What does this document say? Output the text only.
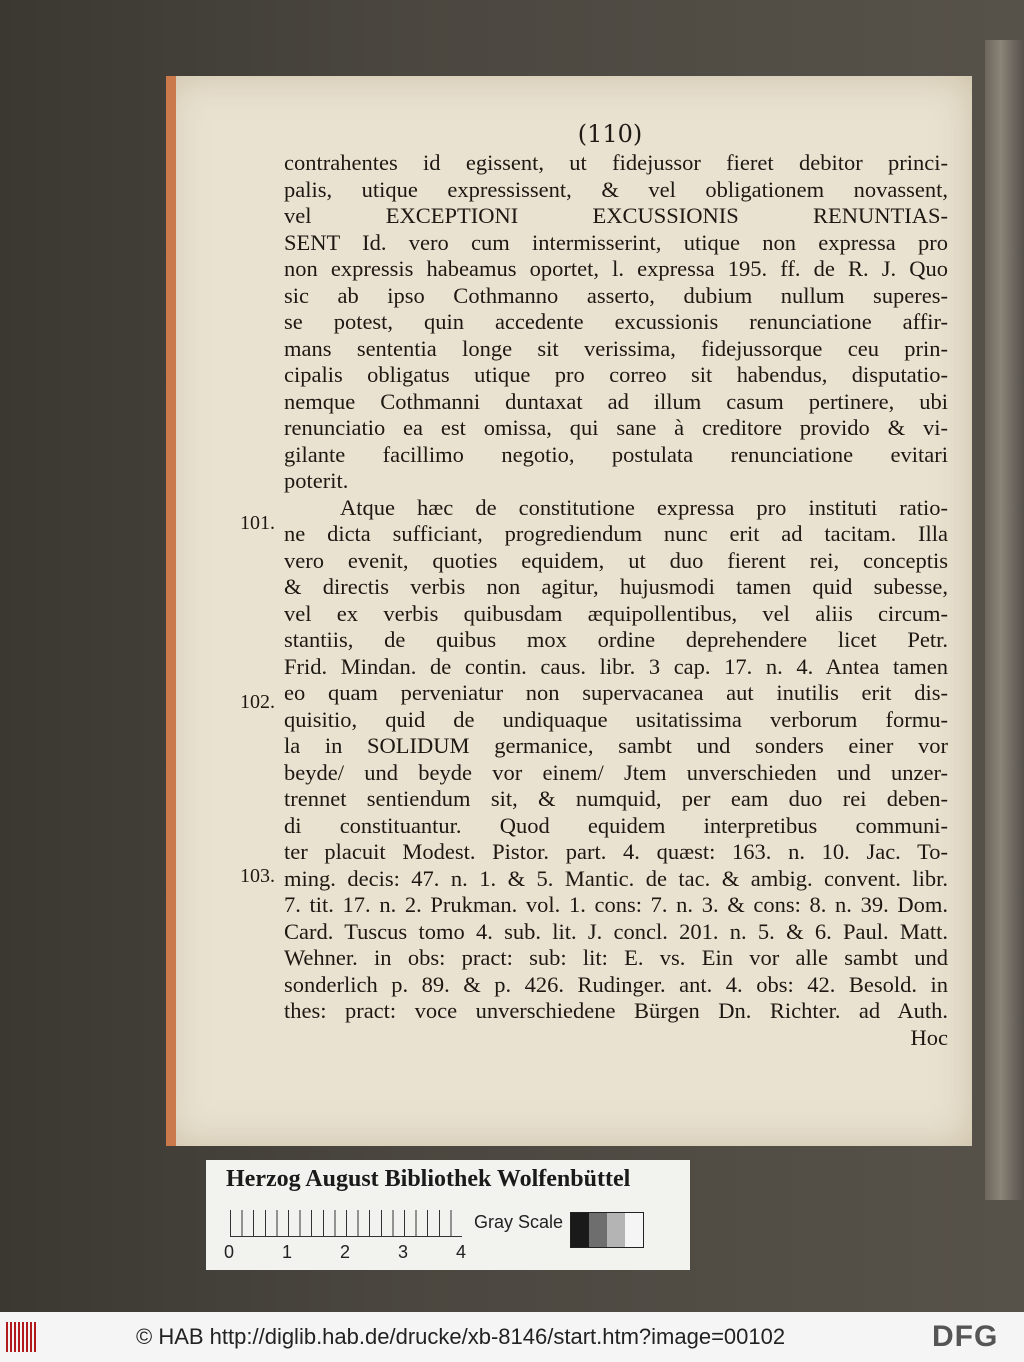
(110)
contrahentes id egissent, ut fidejussor fieret debitor princi-
palis, utique expressissent, & vel obligationem novassent,
vel EXCEPTIONI EXCUSSIONIS RENUNTIAS-
SENT Id. vero cum intermisserint, utique non expressa pro
non expressis habeamus oportet, l. expressa 195. ff. de R. J. Quo
sic ab ipso Cothmanno asserto, dubium nullum superes-
se potest, quin accedente excussionis renunciatione affir-
mans sententia longe sit verissima, fidejussorque ceu prin-
cipalis obligatus utique pro correo sit habendus, disputatio-
nemque Cothmanni duntaxat ad illum casum pertinere, ubi
renunciatio ea est omissa, qui sane à creditore provido & vi-
gilante facillimo negotio, postulata renunciatione evitari
poterit.
Atque hæc de constitutione expressa pro instituti ratio-
ne dicta sufficiant, progrediendum nunc erit ad tacitam. Illa
vero evenit, quoties equidem, ut duo fierent rei, conceptis
& directis verbis non agitur, hujusmodi tamen quid subesse,
vel ex verbis quibusdam æquipollentibus, vel aliis circum-
stantiis, de quibus mox ordine deprehendere licet Petr.
Frid. Mindan. de contin. caus. libr. 3 cap. 17. n. 4. Antea tamen
eo quam perveniatur non supervacanea aut inutilis erit dis-
quisitio, quid de undiquaque usitatissima verborum formu-
la in SOLIDUM germanice, sambt und sonders einer vor
beyde/ und beyde vor einem/ Jtem unverschieden und unzer-
trennet sentiendum sit, & numquid, per eam duo rei deben-
di constituantur. Quod equidem interpretibus communi-
ter placuit Modest. Pistor. part. 4. quæst: 163. n. 10. Jac. To-
ming. decis: 47. n. 1. & 5. Mantic. de tac. & ambig. convent. libr.
7. tit. 17. n. 2. Prukman. vol. 1. cons: 7. n. 3. & cons: 8. n. 39. Dom.
Card. Tuscus tomo 4. sub. lit. J. concl. 201. n. 5. & 6. Paul. Matt.
Wehner. in obs: pract: sub: lit: E. vs. Ein vor alle sambt und
sonderlich p. 89. & p. 426. Rudinger. ant. 4. obs: 42. Besold. in
thes: pract: voce unverschiedene Bürgen Dn. Richter. ad Auth.
Hoc
101.
102.
103.
Herzog August Bibliothek Wolfenbüttel
0	1	2	3	4
Gray Scale
© HAB http://diglib.hab.de/drucke/xb-8146/start.htm?image=00102	DFG
